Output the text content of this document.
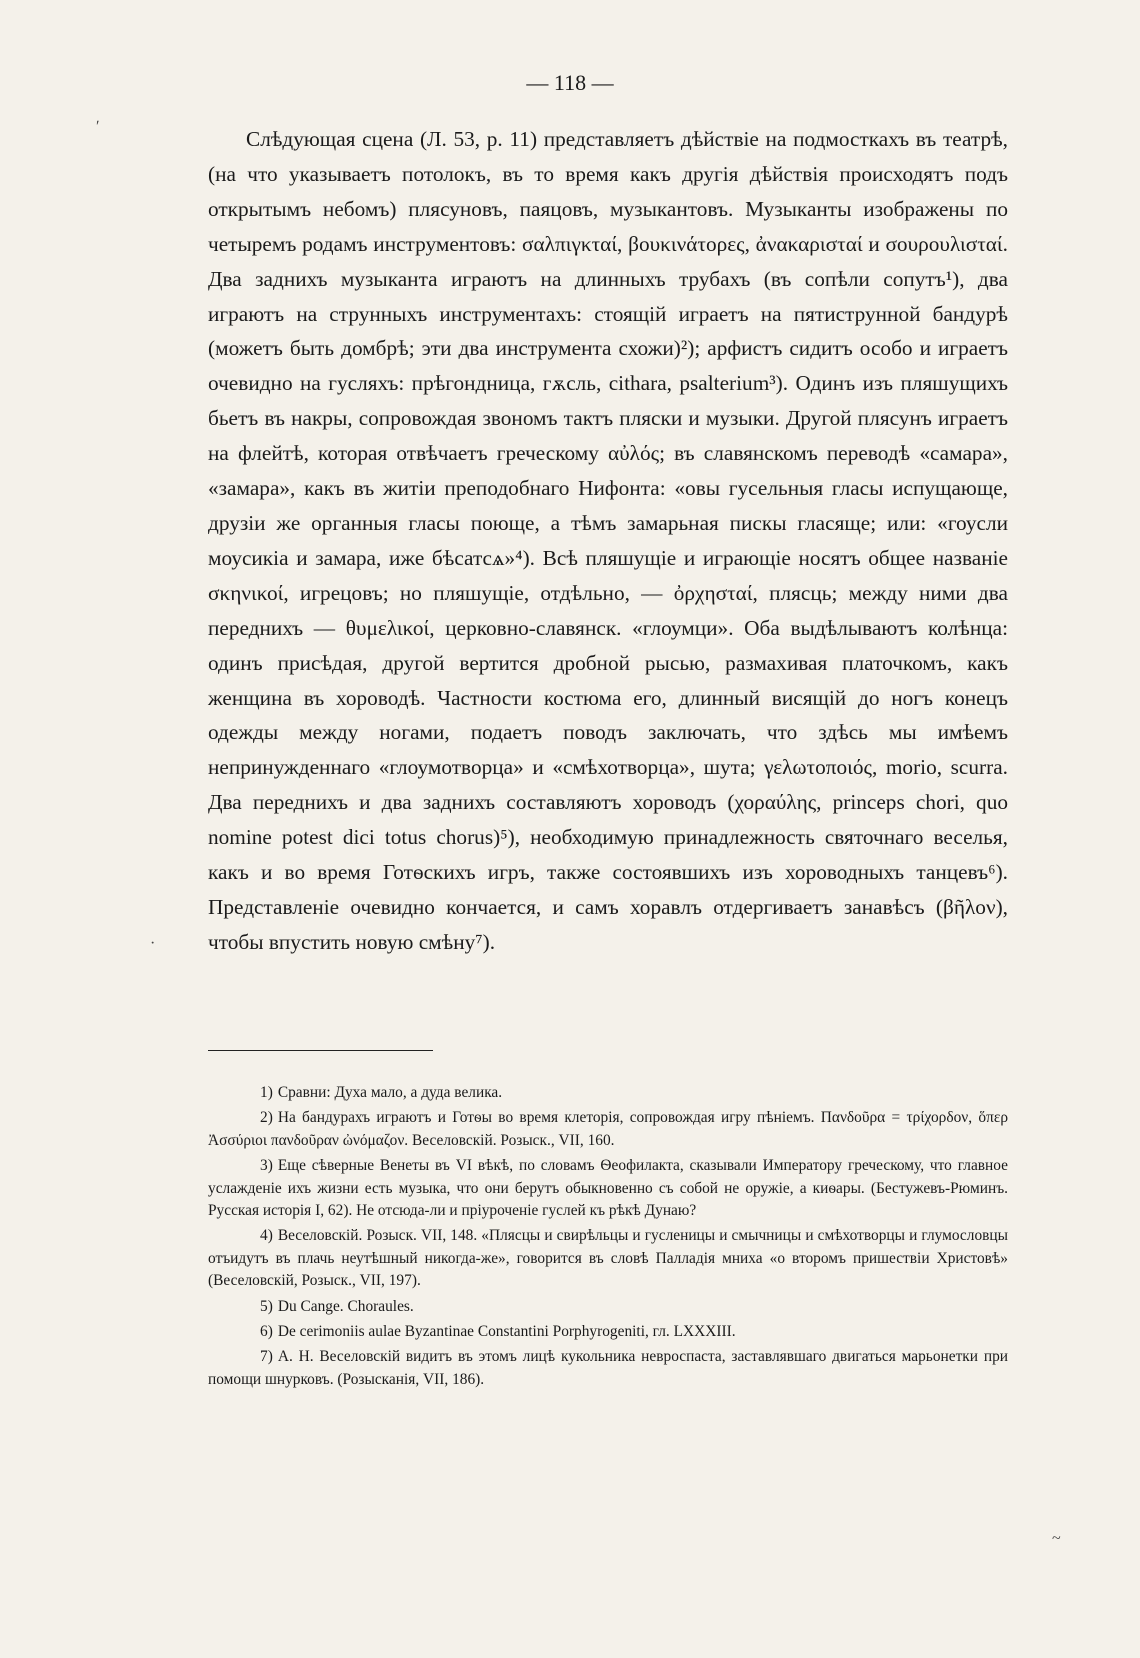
— 118 —

Слѣдующая сцена (Л. 53, р. 11) представляетъ дѣйствіе на подмосткахъ въ театрѣ, (на что указываетъ потолокъ, въ то время какъ другія дѣйствія происходятъ подъ открытымъ небомъ) плясуновъ, паяцовъ, музыкантовъ. Музыканты изображены по четыремъ родамъ инструментовъ: σαλπιγκταί, βουκινάτορες, ἀνακαρισταί и σουρουλισταί. Два заднихъ музыканта играютъ на длинныхъ трубахъ (въ сопѣли сопутъ¹), два играютъ на струнныхъ инструментахъ: стоящій играетъ на пятиструнной бандурѣ (можетъ быть домбрѣ; эти два инструмента схожи)²); арфистъ сидитъ особо и играетъ очевидно на гусляхъ: прѣгондница, гѫсль, cithara, psalterium³). Одинъ изъ пляшущихъ бьетъ въ накры, сопровождая звономъ тактъ пляски и музыки. Другой плясунъ играетъ на флейтѣ, которая отвѣчаетъ греческому αὐλός; въ славянскомъ переводѣ «самара», «замара», какъ въ житіи преподобнаго Нифонта: «овы гусельныя гласы испущающе, друзіи же органныя гласы поюще, а тѣмъ замарьная пискы гласяще; или: «гоусли моусикіа и замара, иже бѣсатсѧ»⁴). Всѣ пляшущіе и играющіе носятъ общее названіе σκηνικοί, игрецовъ; но пляшущіе, отдѣльно, — ὀρχησταί, плясць; между ними два переднихъ — θυμελικοί, церковно-славянск. «глоумци». Оба выдѣлываютъ колѣнца: одинъ присѣдая, другой вертится дробной рысью, размахивая платочкомъ, какъ женщина въ хороводѣ. Частности костюма его, длинный висящій до ногъ конецъ одежды между ногами, подаетъ поводъ заключать, что здѣсь мы имѣемъ непринужденнаго «глоумотворца» и «смѣхотворца», шута; γελωτοποιός, morio, scurra. Два переднихъ и два заднихъ составляютъ хороводъ (χοραύλης, princeps chori, quo nomine potest dici totus chorus)⁵), необходимую принадлежность святочнаго веселья, какъ и во время Готѳскихъ игръ, также состоявшихъ изъ хороводныхъ танцевъ⁶). Представленіе очевидно кончается, и самъ хоравлъ отдергиваетъ занавѣсъ (βῆλον), чтобы впустить новую смѣну⁷).

1) Сравни: Духа мало, а дуда велика.

2) На бандурахъ играютъ и Готѳы во время клеторія, сопровождая игру пѣніемъ. Πανδοῦρα = τρίχορδον, ὅπερ Ἀσσύριοι πανδοῦραν ὠνόμαζον. Веселовскій. Розыск., VII, 160.

3) Еще сѣверные Венеты въ VI вѣкѣ, по словамъ Ѳеофилакта, сказывали Императору греческому, что главное услажденіе ихъ жизни есть музыка, что они берутъ обыкновенно съ собой не оружіе, а киѳары. (Бестужевъ-Рюминъ. Русская исторія I, 62). Не отсюда-ли и пріуроченіе гуслей къ рѣкѣ Дунаю?

4) Веселовскій. Розыск. VII, 148. «Плясцы и свирѣльцы и гусленицы и смычницы и смѣхотворцы и глумословцы отъидутъ въ плачь неутѣшный никогда-же», говорится въ словѣ Палладія мниха «о второмъ пришествіи Христовѣ» (Веселовскій, Розыск., VII, 197).

5) Du Cange. Choraules.

6) De cerimoniis aulae Byzantinae Constantini Porphyrogeniti, гл. LXXXIII.

7) А. Н. Веселовскій видитъ въ этомъ лицѣ кукольника невроспаста, заставлявшаго двигаться марьонетки при помощи шнурковъ. (Розысканія, VII, 186).

ʹ
·
~
